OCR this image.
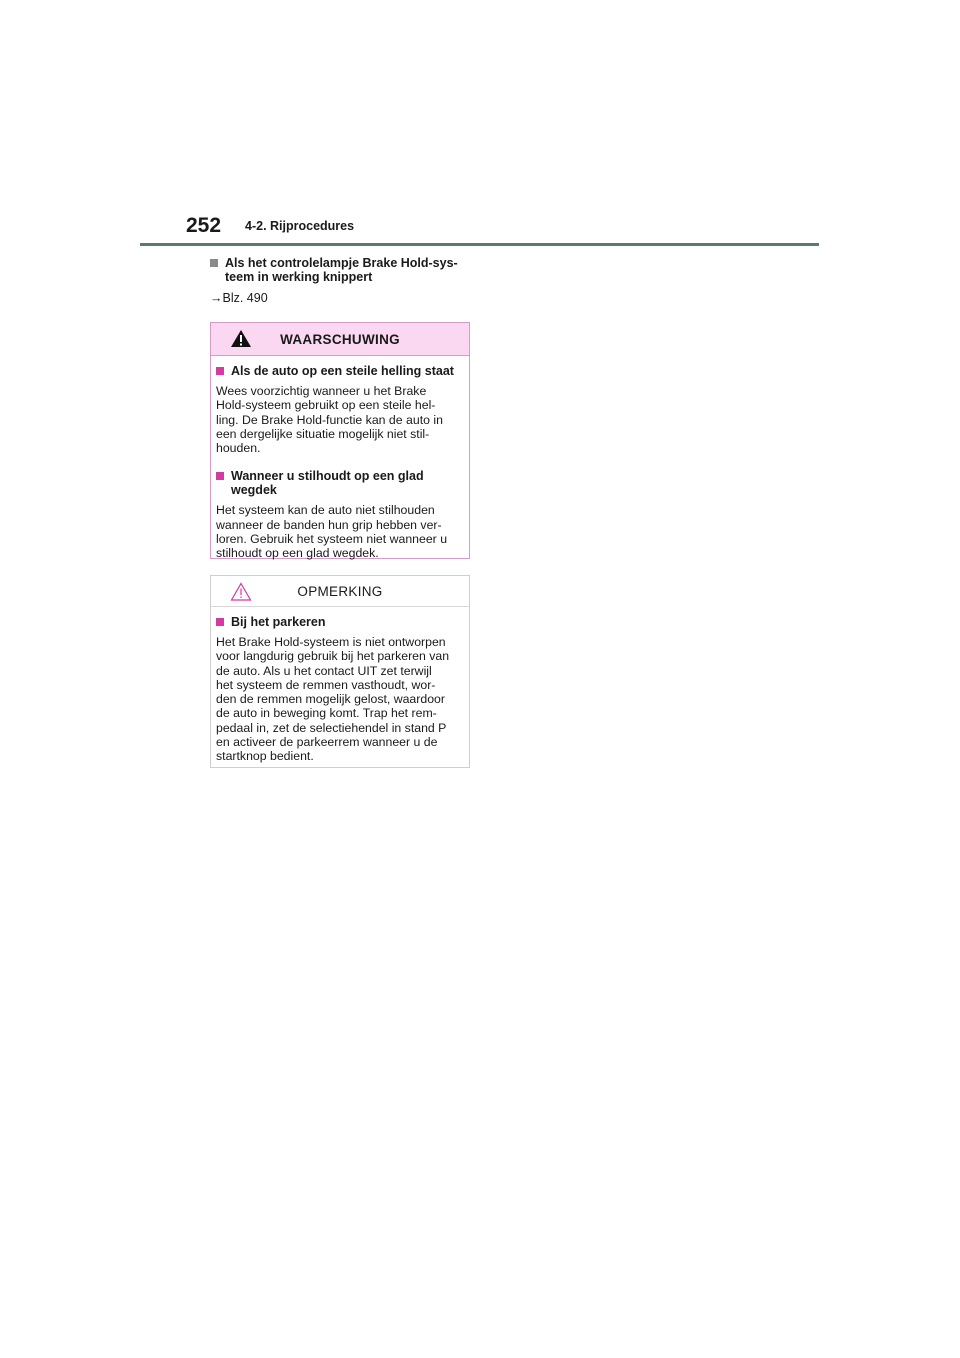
252 4-2. Rijprocedures
Als het controlelampje Brake Hold-sys-
teem in werking knippert
→Blz. 490
WAARSCHUWING
Als de auto op een steile helling staat

Wees voorzichtig wanneer u het Brake
Hold-systeem gebruikt op een steile hel-
ling. De Brake Hold-functie kan de auto in
een dergelijke situatie mogelijk niet stil-
houden.

Wanneer u stilhoudt op een glad
wegdek

Het systeem kan de auto niet stilhouden
wanneer de banden hun grip hebben ver-
loren. Gebruik het systeem niet wanneer u
stilhoudt op een glad wegdek.

OPMERKING
Bij het parkeren

Het Brake Hold-systeem is niet ontworpen
voor langdurig gebruik bij het parkeren van
de auto. Als u het contact UIT zet terwijl
het systeem de remmen vasthoudt, wor-
den de remmen mogelijk gelost, waardoor
de auto in beweging komt. Trap het rem-
pedaal in, zet de selectiehendel in stand P
en activeer de parkeerrem wanneer u de
startknop bedient.
